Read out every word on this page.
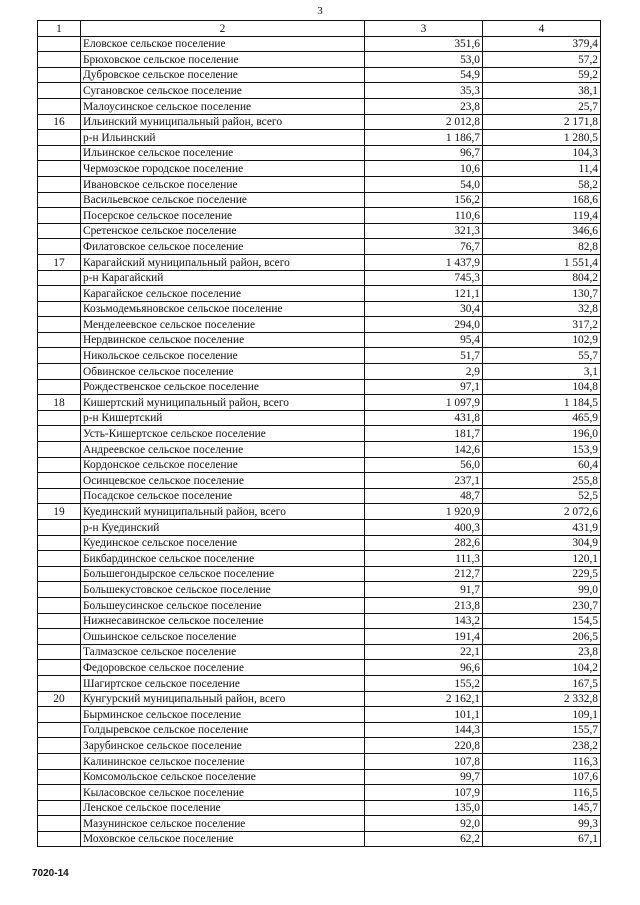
3
1	2	3	4
	Еловское сельское поселение	351,6	379,4
	Брюховское сельское поселение	53,0	57,2
	Дубровское сельское поселение	54,9	59,2
	Сугановское сельское поселение	35,3	38,1
	Малоусинское сельское поселение	23,8	25,7
16	Ильинский муниципальный район, всего	2 012,8	2 171,8
	р-н Ильинский	1 186,7	1 280,5
	Ильинское сельское поселение	96,7	104,3
	Чермозское городское поселение	10,6	11,4
	Ивановское сельское поселение	54,0	58,2
	Васильевское сельское поселение	156,2	168,6
	Посерское сельское поселение	110,6	119,4
	Сретенское сельское поселение	321,3	346,6
	Филатовское сельское поселение	76,7	82,8
17	Карагайский муниципальный район, всего	1 437,9	1 551,4
	р-н Карагайский	745,3	804,2
	Карагайское сельское поселение	121,1	130,7
	Козьмодемьяновское сельское поселение	30,4	32,8
	Менделеевское сельское поселение	294,0	317,2
	Нердвинское сельское поселение	95,4	102,9
	Никольское сельское поселение	51,7	55,7
	Обвинское сельское поселение	2,9	3,1
	Рождественское сельское поселение	97,1	104,8
18	Кишертский муниципальный район, всего	1 097,9	1 184,5
	р-н Кишертский	431,8	465,9
	Усть-Кишертское сельское поселение	181,7	196,0
	Андреевское сельское поселение	142,6	153,9
	Кордонское сельское поселение	56,0	60,4
	Осинцевское сельское поселение	237,1	255,8
	Посадское сельское поселение	48,7	52,5
19	Куединский муниципальный район, всего	1 920,9	2 072,6
	р-н Куединский	400,3	431,9
	Куединское сельское поселение	282,6	304,9
	Бикбардинское сельское поселение	111,3	120,1
	Большегондырское сельское поселение	212,7	229,5
	Большекустовское сельское поселение	91,7	99,0
	Большеусинское сельское поселение	213,8	230,7
	Нижнесавинское сельское поселение	143,2	154,5
	Ошьинское сельское поселение	191,4	206,5
	Талмазское сельское поселение	22,1	23,8
	Федоровское сельское поселение	96,6	104,2
	Шагиртское сельское поселение	155,2	167,5
20	Кунгурский муниципальный район, всего	2 162,1	2 332,8
	Бырминское сельское поселение	101,1	109,1
	Голдыревское сельское поселение	144,3	155,7
	Зарубинское сельское поселение	220,8	238,2
	Калининское сельское поселение	107,8	116,3
	Комсомольское сельское поселение	99,7	107,6
	Кыласовское сельское поселение	107,9	116,5
	Ленское сельское поселение	135,0	145,7
	Мазунинское сельское поселение	92,0	99,3
	Моховское сельское поселение	62,2	67,1
7020-14
